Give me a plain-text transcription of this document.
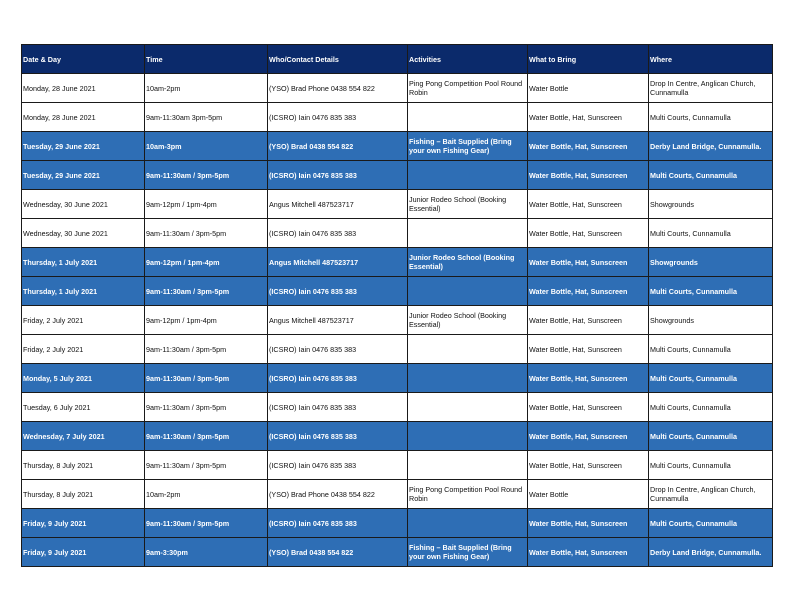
Date & Day	Time	Who/Contact Details	Activities	What to Bring	Where
Monday, 28 June 2021	10am-2pm	(YSO) Brad Phone 0438 554 822	Ping Pong Competition Pool Round Robin	Water Bottle	Drop In Centre, Anglican Church, Cunnamulla
Monday, 28 June 2021	9am-11:30am 3pm-5pm	(ICSRO) Iain 0476 835 383		Water Bottle, Hat, Sunscreen	Multi Courts, Cunnamulla
Tuesday, 29 June 2021	10am-3pm	(YSO) Brad 0438 554 822	Fishing – Bait Supplied (Bring your own Fishing Gear)	Water Bottle, Hat, Sunscreen	Derby Land Bridge, Cunnamulla.
Tuesday, 29 June 2021	9am-11:30am / 3pm-5pm	(ICSRO) Iain 0476 835 383		Water Bottle, Hat, Sunscreen	Multi Courts, Cunnamulla
Wednesday, 30 June 2021	9am-12pm / 1pm-4pm	Angus Mitchell 487523717	Junior Rodeo School (Booking Essential)	Water Bottle, Hat, Sunscreen	Showgrounds
Wednesday, 30 June 2021	9am-11:30am / 3pm-5pm	(ICSRO) Iain 0476 835 383		Water Bottle, Hat, Sunscreen	Multi Courts, Cunnamulla
Thursday, 1 July 2021	9am-12pm / 1pm-4pm	Angus Mitchell 487523717	Junior Rodeo School (Booking Essential)	Water Bottle, Hat, Sunscreen	Showgrounds
Thursday, 1 July 2021	9am-11:30am / 3pm-5pm	(ICSRO) Iain 0476 835 383		Water Bottle, Hat, Sunscreen	Multi Courts, Cunnamulla
Friday, 2 July 2021	9am-12pm / 1pm-4pm	Angus Mitchell 487523717	Junior Rodeo School (Booking Essential)	Water Bottle, Hat, Sunscreen	Showgrounds
Friday, 2 July 2021	9am-11:30am / 3pm-5pm	(ICSRO) Iain 0476 835 383		Water Bottle, Hat, Sunscreen	Multi Courts, Cunnamulla
Monday, 5 July 2021	9am-11:30am / 3pm-5pm	(ICSRO) Iain 0476 835 383		Water Bottle, Hat, Sunscreen	Multi Courts, Cunnamulla
Tuesday, 6 July 2021	9am-11:30am / 3pm-5pm	(ICSRO) Iain 0476 835 383		Water Bottle, Hat, Sunscreen	Multi Courts, Cunnamulla
Wednesday, 7 July 2021	9am-11:30am / 3pm-5pm	(ICSRO) Iain 0476 835 383		Water Bottle, Hat, Sunscreen	Multi Courts, Cunnamulla
Thursday, 8 July 2021	9am-11:30am / 3pm-5pm	(ICSRO) Iain 0476 835 383		Water Bottle, Hat, Sunscreen	Multi Courts, Cunnamulla
Thursday, 8 July 2021	10am-2pm	(YSO) Brad Phone 0438 554 822	Ping Pong Competition Pool Round Robin	Water Bottle	Drop In Centre, Anglican Church, Cunnamulla
Friday, 9 July 2021	9am-11:30am / 3pm-5pm	(ICSRO) Iain 0476 835 383		Water Bottle, Hat, Sunscreen	Multi Courts, Cunnamulla
Friday, 9 July 2021	9am-3:30pm	(YSO) Brad 0438 554 822	Fishing – Bait Supplied (Bring your own Fishing Gear)	Water Bottle, Hat, Sunscreen	Derby Land Bridge, Cunnamulla.
